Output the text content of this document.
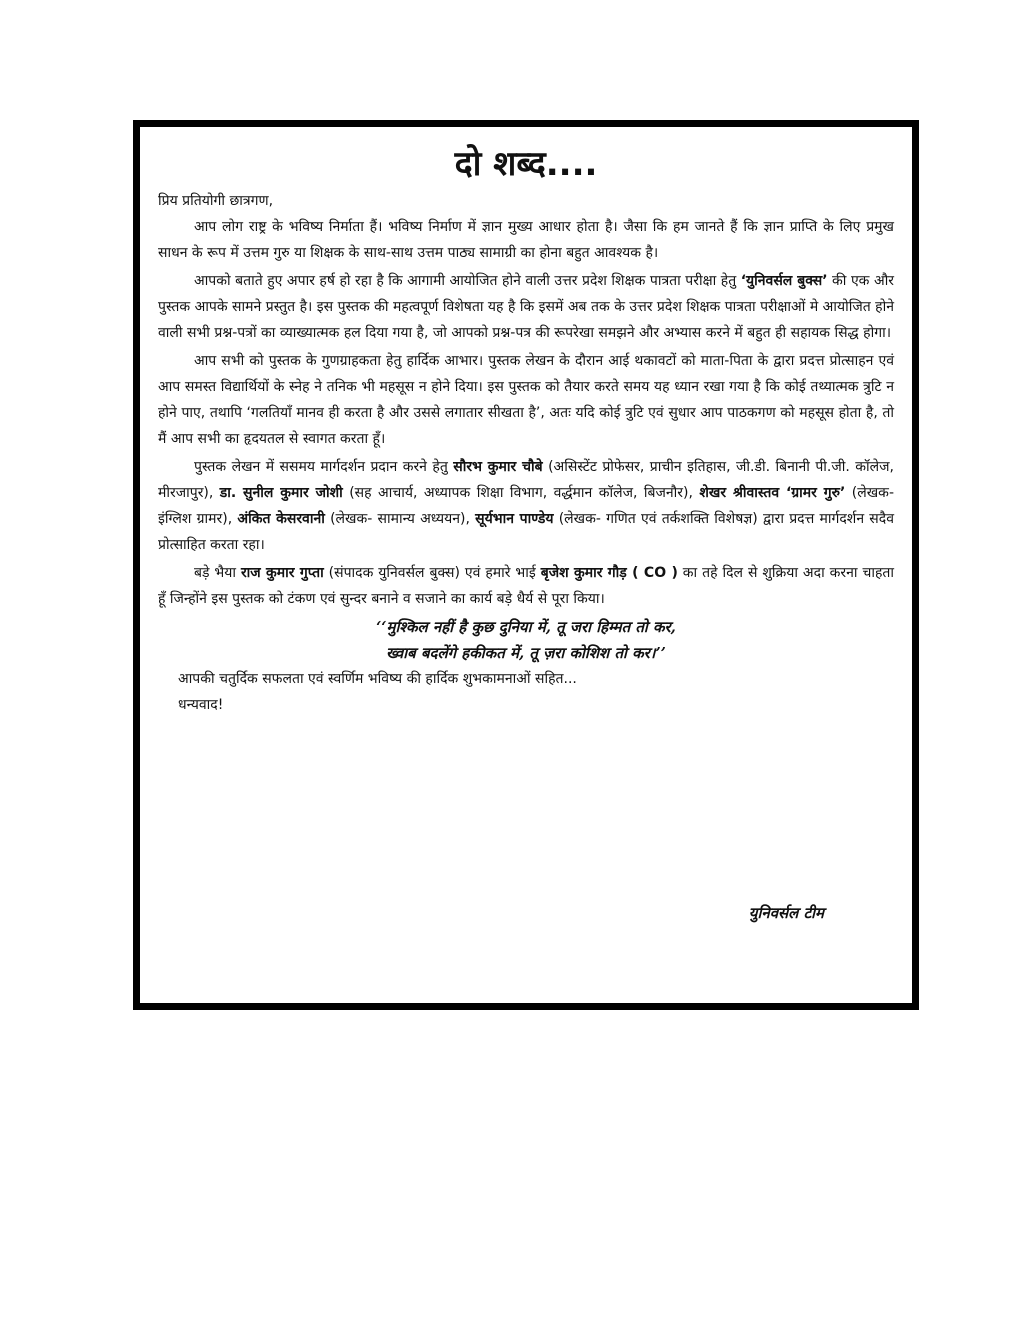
दो शब्द....
प्रिय प्रतियोगी छात्रगण,

आप लोग राष्ट्र के भविष्य निर्माता हैं। भविष्य निर्माण में ज्ञान मुख्य आधार होता है। जैसा कि हम जानते हैं कि ज्ञान प्राप्ति के लिए प्रमुख साधन के रूप में उत्तम गुरु या शिक्षक के साथ-साथ उत्तम पाठ्य सामाग्री का होना बहुत आवश्यक है।

आपको बताते हुए अपार हर्ष हो रहा है कि आगामी आयोजित होने वाली उत्तर प्रदेश शिक्षक पात्रता परीक्षा हेतु ‘युनिवर्सल बुक्स’ की एक और पुस्तक आपके सामने प्रस्तुत है। इस पुस्तक की महत्वपूर्ण विशेषता यह है कि इसमें अब तक के उत्तर प्रदेश शिक्षक पात्रता परीक्षाओं मे आयोजित होने वाली सभी प्रश्न-पत्रों का व्याख्यात्मक हल दिया गया है, जो आपको प्रश्न-पत्र की रूपरेखा समझने और अभ्यास करने में बहुत ही सहायक सिद्ध होगा।

आप सभी को पुस्तक के गुणग्राहकता हेतु हार्दिक आभार। पुस्तक लेखन के दौरान आई थकावटों को माता-पिता के द्वारा प्रदत्त प्रोत्साहन एवं आप समस्त विद्यार्थियों के स्नेह ने तनिक भी महसूस न होने दिया। इस पुस्तक को तैयार करते समय यह ध्यान रखा गया है कि कोई तथ्यात्मक त्रुटि न होने पाए, तथापि ‘गलतियाँ मानव ही करता है और उससे लगातार सीखता है’, अतः यदि कोई त्रुटि एवं सुधार आप पाठकगण को महसूस होता है, तो मैं आप सभी का हृदयतल से स्वागत करता हूँ।

पुस्तक लेखन में ससमय मार्गदर्शन प्रदान करने हेतु सौरभ कुमार चौबे (असिस्टेंट प्रोफेसर, प्राचीन इतिहास, जी.डी. बिनानी पी.जी. कॉलेज, मीरजापुर), डा. सुनील कुमार जोशी (सह आचार्य, अध्यापक शिक्षा विभाग, वर्द्धमान कॉलेज, बिजनौर), शेखर श्रीवास्तव ‘ग्रामर गुरु’ (लेखक- इंग्लिश ग्रामर), अंकित केसरवानी (लेखक- सामान्य अध्ययन), सूर्यभान पाण्डेय (लेखक- गणित एवं तर्कशक्ति विशेषज्ञ) द्वारा प्रदत्त मार्गदर्शन सदैव प्रोत्साहित करता रहा।

बड़े भैया राज कुमार गुप्ता (संपादक युनिवर्सल बुक्स) एवं हमारे भाई बृजेश कुमार गौड़ ( CO ) का तहे दिल से शुक्रिया अदा करना चाहता हूँ जिन्होंने इस पुस्तक को टंकण एवं सुन्दर बनाने व सजाने का कार्य बड़े धैर्य से पूरा किया।

‘‘मुश्किल नहीं है कुछ दुनिया में, तू जरा हिम्मत तो कर,
ख्वाब बदलेंगे हकीकत में, तू ज़रा कोशिश तो कर।’’
आपकी चतुर्दिक सफलता एवं स्वर्णिम भविष्य की हार्दिक शुभकामनाओं सहित...
धन्यवाद!
युनिवर्सल टीम
